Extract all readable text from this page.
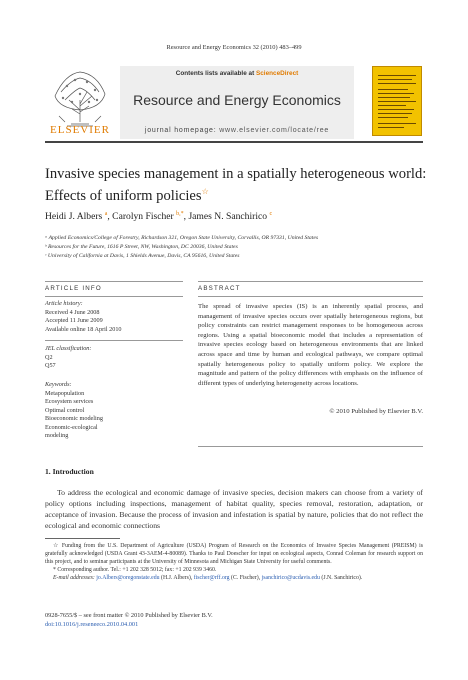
Resource and Energy Economics 32 (2010) 483–499
ELSEVIER
Contents lists available at ScienceDirect
Resource and Energy Economics
journal homepage: www.elsevier.com/locate/ree
Invasive species management in a spatially heterogeneous world: Effects of uniform policies☆
Heidi J. Albers $^a$, Carolyn Fischer $^{b,*}$, James N. Sanchirico $^c$
ᵃ Applied Economics/College of Forestry, Richardson 321, Oregon State University, Corvallis, OR 97331, United States
ᵇ Resources for the Future, 1616 P Street, NW, Washington, DC 20036, United States
ᶜ University of California at Davis, 1 Shields Avenue, Davis, CA 95616, United States
ARTICLE INFO
Article history:
Received 4 June 2008
Accepted 11 June 2009
Available online 18 April 2010
JEL classification:
Q2
Q57
Keywords:
Metapopulation
Ecosystem services
Optimal control
Bioeconomic modeling
Economic-ecological
modeling
ABSTRACT
The spread of invasive species (IS) is an inherently spatial process, and management of invasive species occurs over spatially heterogeneous regions, but policy constraints can restrict management responses to be homogeneous across regions. Using a spatial bioeconomic model that includes a representation of invasive species ecology based on heterogeneous environments that are linked across space and time by human and ecological pathways, we compare optimal spatially heterogeneous policy to spatially uniform policy. We explore the magnitude and pattern of the policy differences with emphasis on the influence of different types of underlying heterogeneity across locations.
© 2010 Published by Elsevier B.V.
1. Introduction
To address the ecological and economic damage of invasive species, decision makers can choose from a variety of policy options including inspections, management of habitat quality, species removal, restoration, adaptation, or acceptance of invasion. Because the process of invasion and infestation is spatial by nature, policies that do not reflect the ecological and economic connections

☆ Funding from the U.S. Department of Agriculture (USDA) Program of Research on the Economics of Invasive Species Management (PREISM) is gratefully acknowledged (USDA Grant 43-3AEM-4-80089). Thanks to Paul Doescher for input on ecological aspects, Conrad Coleman for research support on this project, and to seminar participants at the University of Minnesota and Michigan State University for useful comments.

* Corresponding author. Tel.: +1 202 328 5012; fax: +1 202 939 3460.

E-mail addresses: jo.Albers@oregonstate.edu (H.J. Albers), fischer@rff.org (C. Fischer), jsanchirico@ucdavis.edu (J.N. Sanchirico).

0928-7655/$ – see front matter © 2010 Published by Elsevier B.V.
doi:10.1016/j.reseneeco.2010.04.001
